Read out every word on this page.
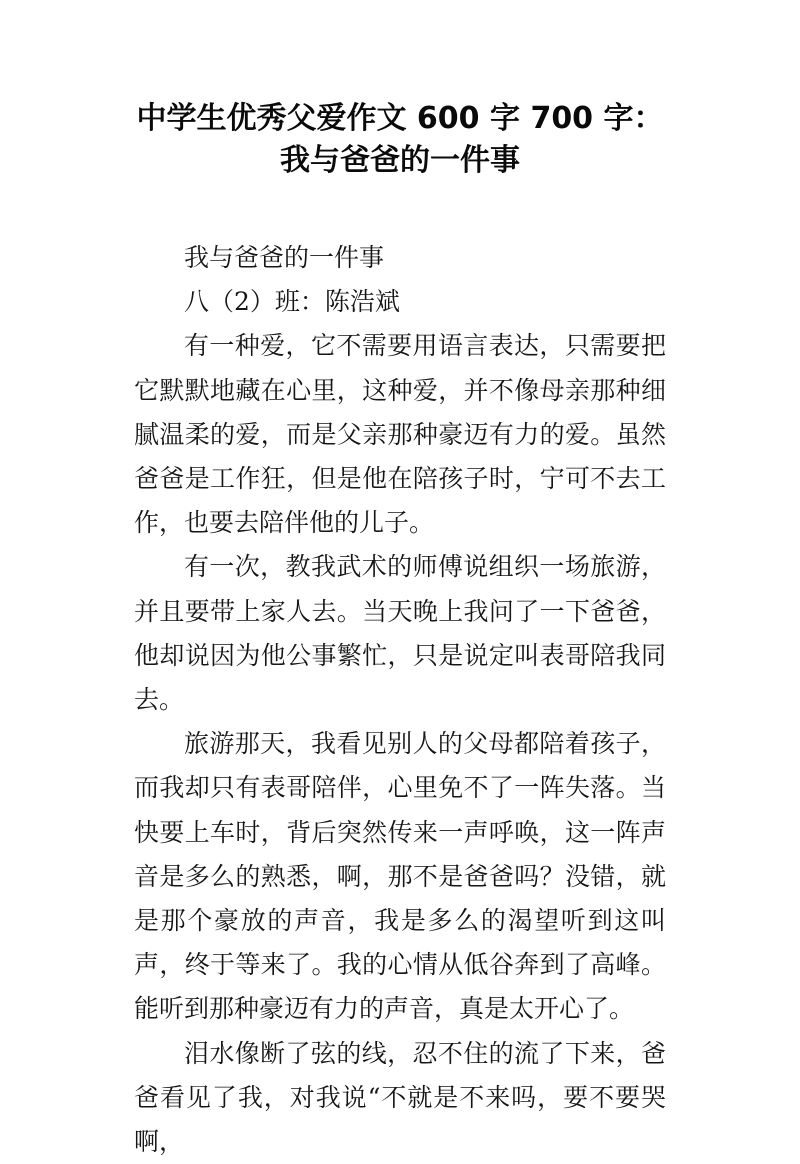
中学生优秀父爱作文 600 字 700 字：
我与爸爸的一件事

我与爸爸的一件事

八（2）班：陈浩斌

有一种爱，它不需要用语言表达，只需要把它默默地藏在心里，这种爱，并不像母亲那种细腻温柔的爱，而是父亲那种豪迈有力的爱。虽然爸爸是工作狂，但是他在陪孩子时，宁可不去工作，也要去陪伴他的儿子。

有一次，教我武术的师傅说组织一场旅游，并且要带上家人去。当天晚上我问了一下爸爸，他却说因为他公事繁忙，只是说定叫表哥陪我同去。

旅游那天，我看见别人的父母都陪着孩子，而我却只有表哥陪伴，心里免不了一阵失落。当快要上车时，背后突然传来一声呼唤，这一阵声音是多么的熟悉，啊，那不是爸爸吗？没错，就是那个豪放的声音，我是多么的渴望听到这叫声，终于等来了。我的心情从低谷奔到了高峰。能听到那种豪迈有力的声音，真是太开心了。

泪水像断了弦的线，忍不住的流了下来，爸爸看见了我，对我说“不就是不来吗，要不要哭啊，
